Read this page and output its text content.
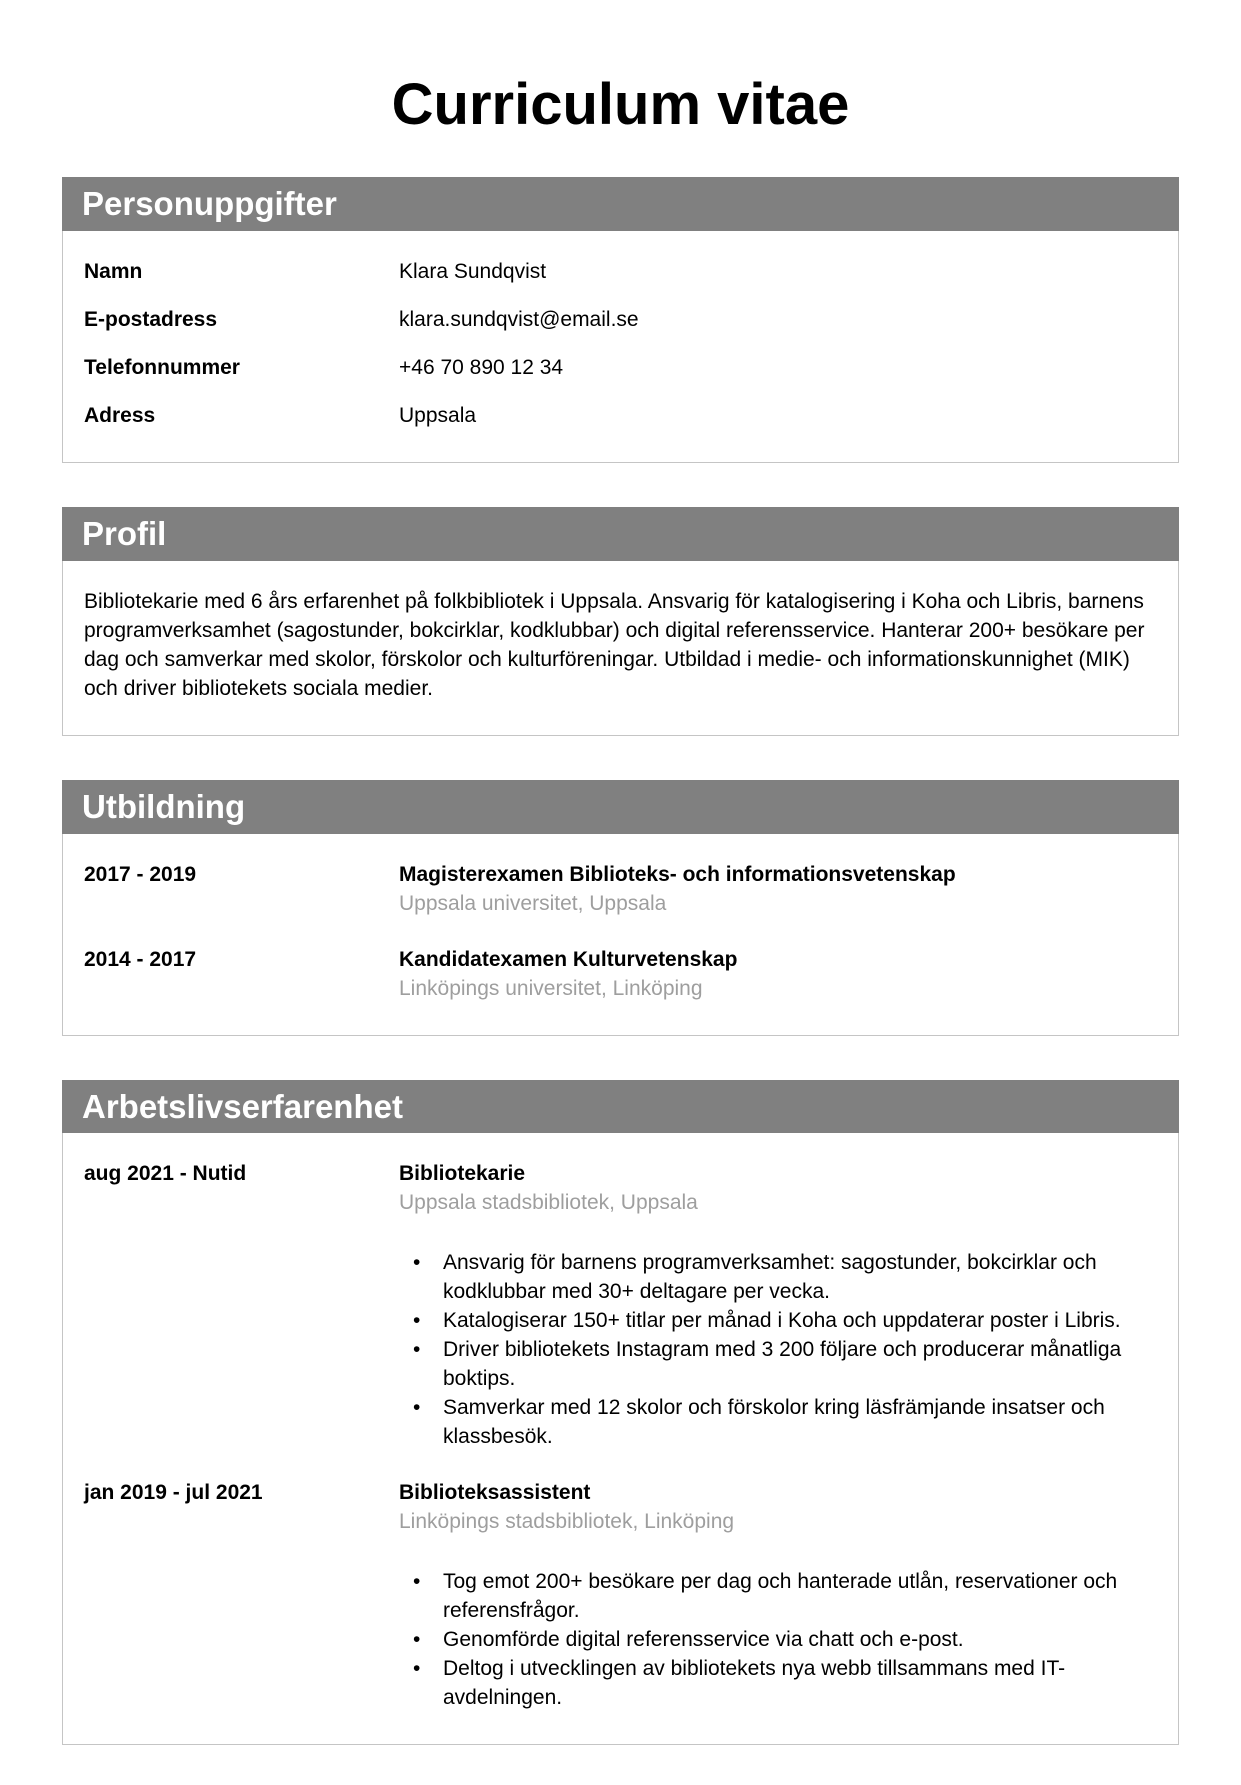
Curriculum vitae
Personuppgifter
Namn	Klara Sundqvist
E-postadress	klara.sundqvist@email.se
Telefonnummer	+46 70 890 12 34
Adress	Uppsala
Profil

Bibliotekarie med 6 års erfarenhet på folkbibliotek i Uppsala. Ansvarig för katalogisering i Koha och Libris, barnens programverksamhet (sagostunder, bokcirklar, kodklubbar) och digital referensservice. Hanterar 200+ besökare per dag och samverkar med skolor, förskolor och kulturföreningar. Utbildad i medie- och informationskunnighet (MIK) och driver bibliotekets sociala medier.

Utbildning
2017 - 2019	Magisterexamen Biblioteks- och informationsvetenskap
Uppsala universitet, Uppsala
2014 - 2017	Kandidatexamen Kulturvetenskap
Linköpings universitet, Linköping
Arbetslivserfarenhet
aug 2021 - Nutid	Bibliotekarie
Uppsala stadsbibliotek, Uppsala
• Ansvarig för barnens programverksamhet: sagostunder, bokcirklar och kodklubbar med 30+ deltagare per vecka.
• Katalogiserar 150+ titlar per månad i Koha och uppdaterar poster i Libris.
• Driver bibliotekets Instagram med 3 200 följare och producerar månatliga boktips.
• Samverkar med 12 skolor och förskolor kring läsfrämjande insatser och klassbesök.
jan 2019 - jul 2021	Biblioteksassistent
Linköpings stadsbibliotek, Linköping
• Tog emot 200+ besökare per dag och hanterade utlån, reservationer och referensfrågor.
• Genomförde digital referensservice via chatt och e-post.
• Deltog i utvecklingen av bibliotekets nya webb tillsammans med IT-avdelningen.
